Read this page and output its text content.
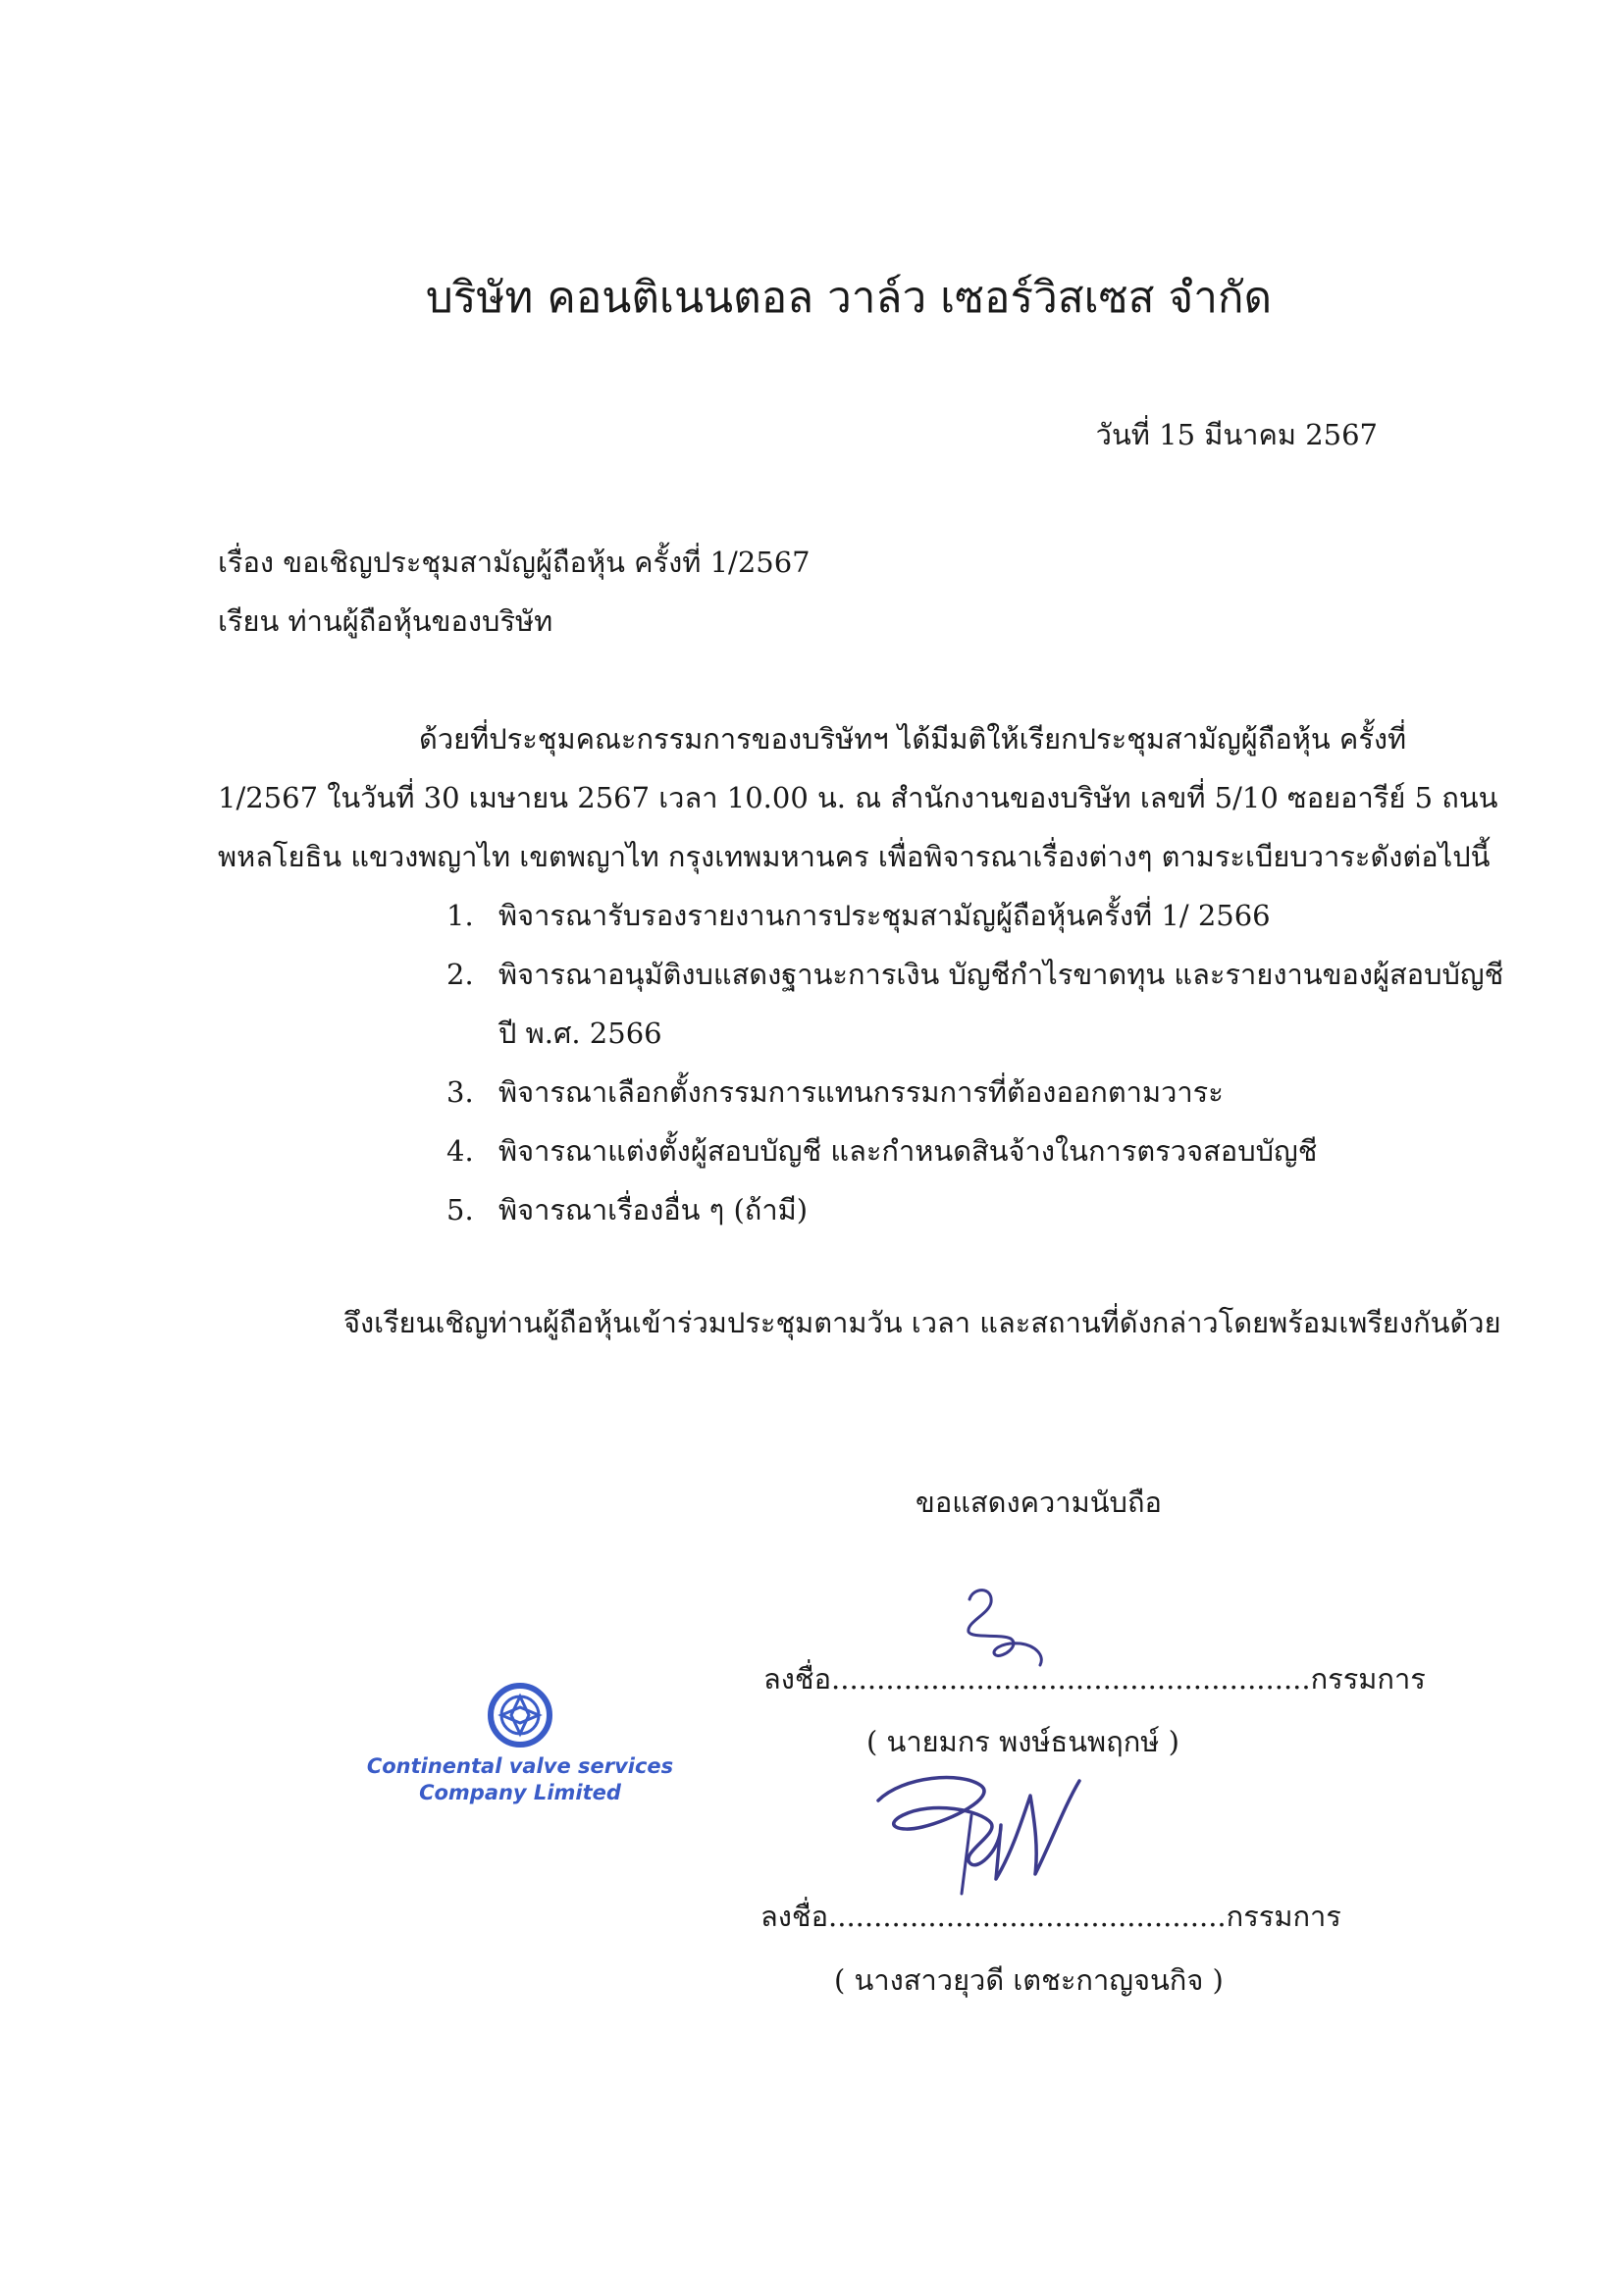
บริษัท คอนติเนนตอล วาล์ว เซอร์วิสเซส จำกัด
วันที่ 15 มีนาคม 2567
เรื่อง ขอเชิญประชุมสามัญผู้ถือหุ้น ครั้งที่ 1/2567
เรียน ท่านผู้ถือหุ้นของบริษัท
ด้วยที่ประชุมคณะกรรมการของบริษัทฯ ได้มีมติให้เรียกประชุมสามัญผู้ถือหุ้น ครั้งที่
1/2567 ในวันที่ 30 เมษายน 2567 เวลา 10.00 น. ณ สำนักงานของบริษัท เลขที่ 5/10 ซอยอารีย์ 5 ถนน
พหลโยธิน แขวงพญาไท เขตพญาไท กรุงเทพมหานคร เพื่อพิจารณาเรื่องต่างๆ ตามระเบียบวาระดังต่อไปนี้
1. พิจารณารับรองรายงานการประชุมสามัญผู้ถือหุ้นครั้งที่ 1/ 2566
2. พิจารณาอนุมัติงบแสดงฐานะการเงิน บัญชีกำไรขาดทุน และรายงานของผู้สอบบัญชี
ปี พ.ศ. 2566
3. พิจารณาเลือกตั้งกรรมการแทนกรรมการที่ต้องออกตามวาระ
4. พิจารณาแต่งตั้งผู้สอบบัญชี และกำหนดสินจ้างในการตรวจสอบบัญชี
5. พิจารณาเรื่องอื่น ๆ (ถ้ามี)
จึงเรียนเชิญท่านผู้ถือหุ้นเข้าร่วมประชุมตามวัน เวลา และสถานที่ดังกล่าวโดยพร้อมเพรียงกันด้วย
ขอแสดงความนับถือ
Continental valve services
Company Limited
ลงชื่อ.....................................................กรรมการ
( นายมกร พงษ์ธนพฤกษ์ )
ลงชื่อ............................................กรรมการ
( นางสาวยุวดี เตชะกาญจนกิจ )
